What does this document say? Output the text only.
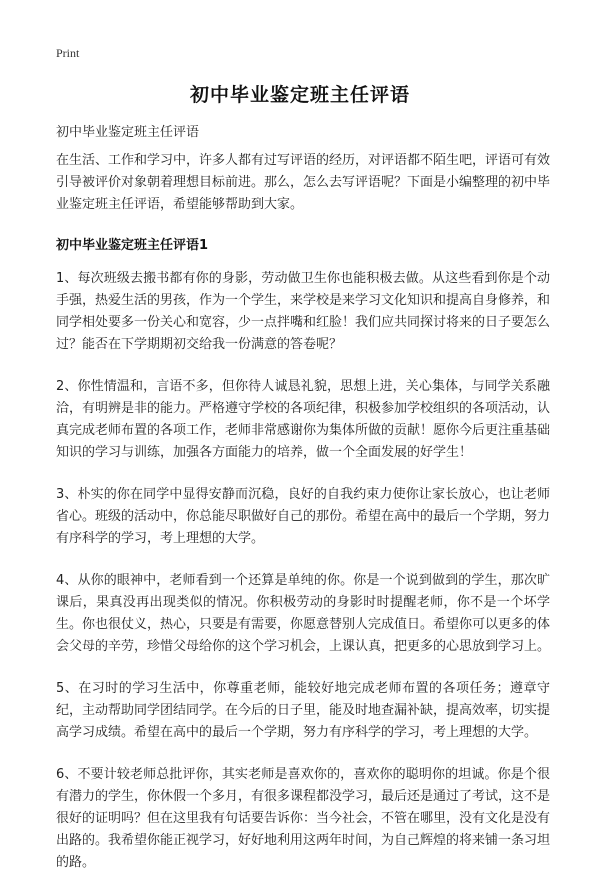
Print
初中毕业鉴定班主任评语
初中毕业鉴定班主任评语

在生活、工作和学习中，许多人都有过写评语的经历，对评语都不陌生吧，评语可有效引导被评价对象朝着理想目标前进。那么，怎么去写评语呢？下面是小编整理的初中毕业鉴定班主任评语，希望能够帮助到大家。

初中毕业鉴定班主任评语1

1、每次班级去搬书都有你的身影，劳动做卫生你也能积极去做。从这些看到你是个动手强，热爱生活的男孩，作为一个学生，来学校是来学习文化知识和提高自身修养，和同学相处要多一份关心和宽容，少一点拌嘴和红脸！我们应共同探讨将来的日子要怎么过？能否在下学期期初交给我一份满意的答卷呢？

2、你性情温和，言语不多，但你待人诚恳礼貌，思想上进，关心集体，与同学关系融洽，有明辨是非的能力。严格遵守学校的各项纪律，积极参加学校组织的各项活动，认真完成老师布置的各项工作，老师非常感谢你为集体所做的贡献！愿你今后更注重基础知识的学习与训练，加强各方面能力的培养，做一个全面发展的好学生！

3、朴实的你在同学中显得安静而沉稳，良好的自我约束力使你让家长放心，也让老师省心。班级的活动中，你总能尽职做好自己的那份。希望在高中的最后一个学期，努力有序科学的学习，考上理想的大学。

4、从你的眼神中，老师看到一个还算是单纯的你。你是一个说到做到的学生，那次旷课后，果真没再出现类似的情况。你积极劳动的身影时时提醒老师，你不是一个坏学生。你也很仗义，热心，只要是有需要，你愿意替别人完成值日。希望你可以更多的体会父母的辛劳，珍惜父母给你的这个学习机会，上课认真，把更多的心思放到学习上。

5、在习时的学习生活中，你尊重老师，能较好地完成老师布置的各项任务；遵章守纪，主动帮助同学团结同学。在今后的日子里，能及时地查漏补缺，提高效率，切实提高学习成绩。希望在高中的最后一个学期，努力有序科学的学习，考上理想的大学。

6、不要计较老师总批评你，其实老师是喜欢你的，喜欢你的聪明你的坦诚。你是个很有潜力的学生，你休假一个多月，有很多课程都没学习，最后还是通过了考试，这不是很好的证明吗？但在这里我有句话要告诉你：当今社会，不管在哪里，没有文化是没有出路的。我希望你能正视学习，好好地利用这两年时间，为自己辉煌的将来铺一条习坦的路。
